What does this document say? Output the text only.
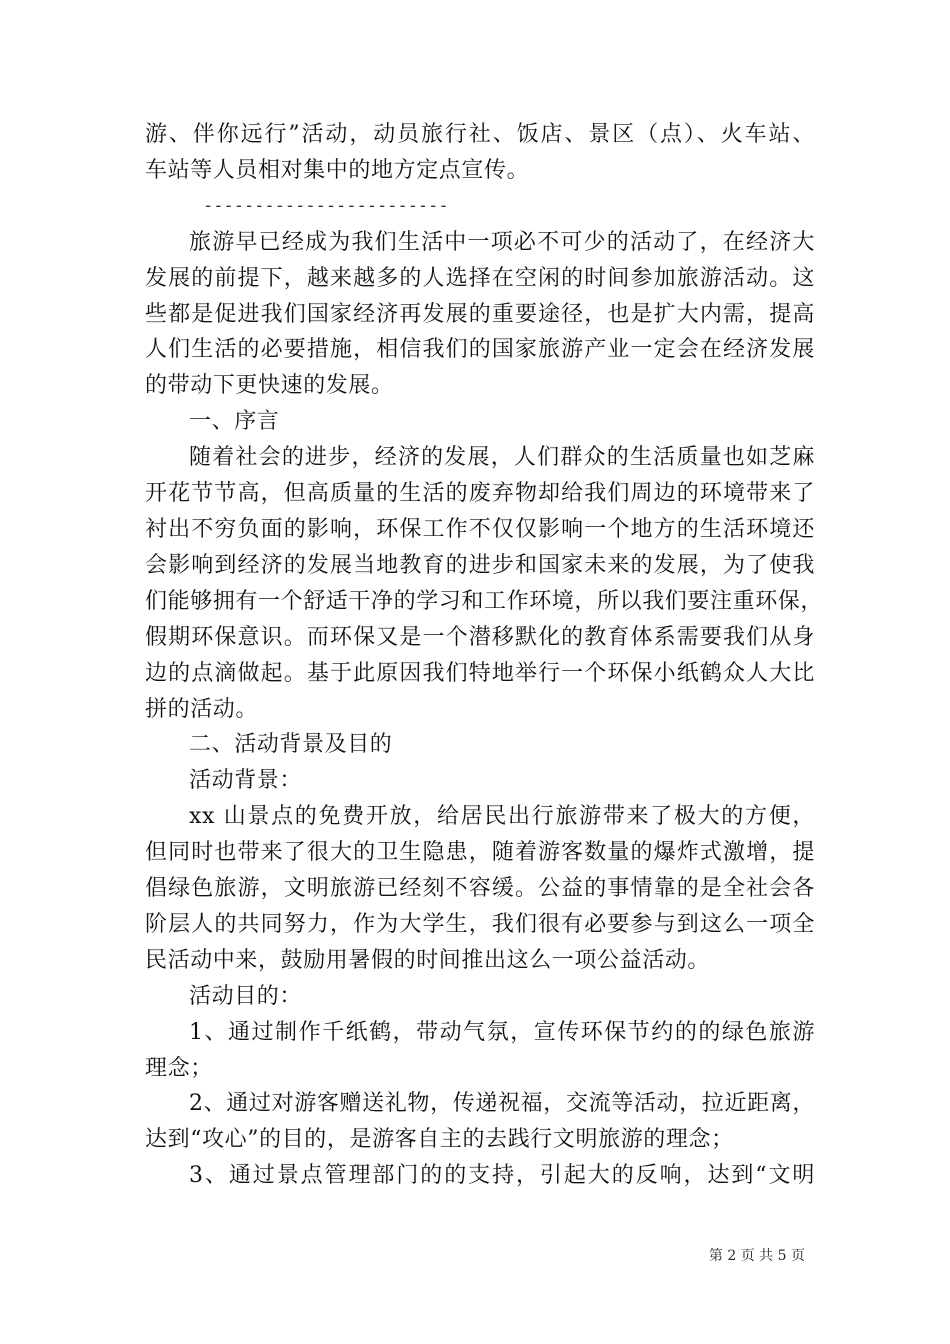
游、伴你远行”活动，动员旅行社、饭店、景区（点）、火车站、
车站等人员相对集中的地方定点宣传。
------------------------
旅游早已经成为我们生活中一项必不可少的活动了，在经济大
发展的前提下，越来越多的人选择在空闲的时间参加旅游活动。这
些都是促进我们国家经济再发展的重要途径，也是扩大内需，提高
人们生活的必要措施，相信我们的国家旅游产业一定会在经济发展
的带动下更快速的发展。
一、序言
随着社会的进步，经济的发展，人们群众的生活质量也如芝麻
开花节节高，但高质量的生活的废弃物却给我们周边的环境带来了
衬出不穷负面的影响，环保工作不仅仅影响一个地方的生活环境还
会影响到经济的发展当地教育的进步和国家未来的发展，为了使我
们能够拥有一个舒适干净的学习和工作环境，所以我们要注重环保，
假期环保意识。而环保又是一个潜移默化的教育体系需要我们从身
边的点滴做起。基于此原因我们特地举行一个环保小纸鹤众人大比
拼的活动。
二、活动背景及目的
活动背景：
xx 山景点的免费开放，给居民出行旅游带来了极大的方便，
但同时也带来了很大的卫生隐患，随着游客数量的爆炸式激增，提
倡绿色旅游，文明旅游已经刻不容缓。公益的事情靠的是全社会各
阶层人的共同努力，作为大学生，我们很有必要参与到这么一项全
民活动中来，鼓励用暑假的时间推出这么一项公益活动。
活动目的：
1、通过制作千纸鹤，带动气氛，宣传环保节约的的绿色旅游
理念；
2、通过对游客赠送礼物，传递祝福，交流等活动，拉近距离，
达到“攻心”的目的，是游客自主的去践行文明旅游的理念；
3、通过景点管理部门的的支持，引起大的反响，达到“文明
第 2 页 共 5 页
